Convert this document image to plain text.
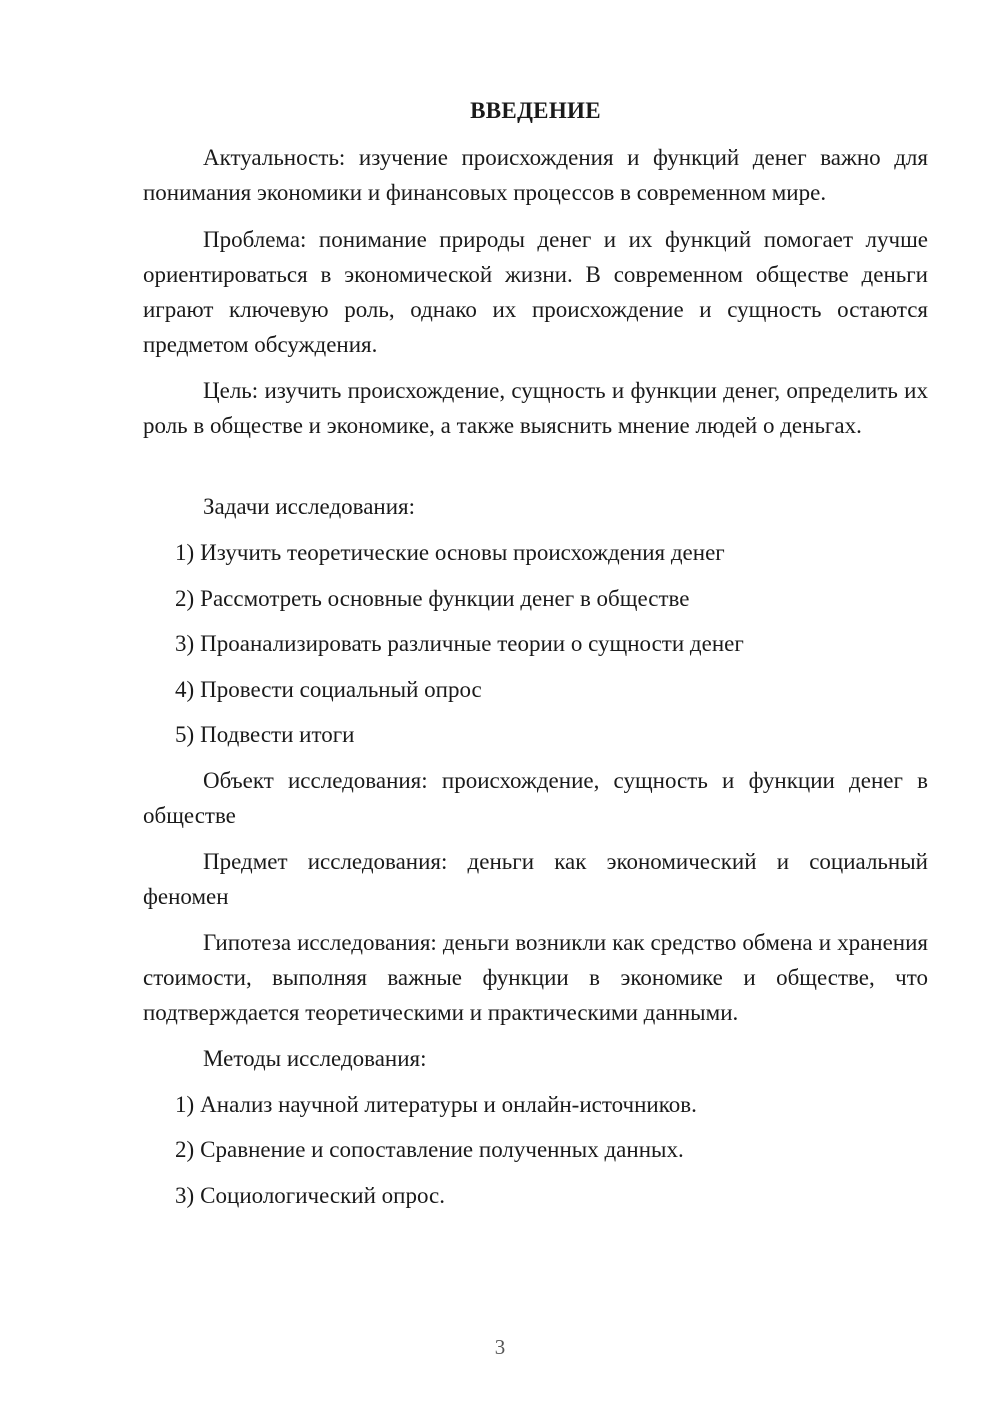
ВВЕДЕНИЕ

Актуальность: изучение происхождения и функций денег важно для понимания экономики и финансовых процессов в современном мире.

Проблема: понимание природы денег и их функций помогает лучше ориентироваться в экономической жизни. В современном обществе деньги играют ключевую роль, однако их происхождение и сущность остаются предметом обсуждения.

Цель: изучить происхождение, сущность и функции денег, определить их роль в обществе и экономике, а также выяснить мнение людей о деньгах.

Задачи исследования:

1) Изучить теоретические основы происхождения денег
2) Рассмотреть основные функции денег в обществе
3) Проанализировать различные теории о сущности денег
4) Провести социальный опрос
5) Подвести итоги

Объект исследования: происхождение, сущность и функции денег в обществе

Предмет исследования: деньги как экономический и социальный феномен

Гипотеза исследования: деньги возникли как средство обмена и хранения стоимости, выполняя важные функции в экономике и обществе, что подтверждается теоретическими и практическими данными.

Методы исследования:

1) Анализ научной литературы и онлайн-источников.
2) Сравнение и сопоставление полученных данных.
3) Социологический опрос.
3
